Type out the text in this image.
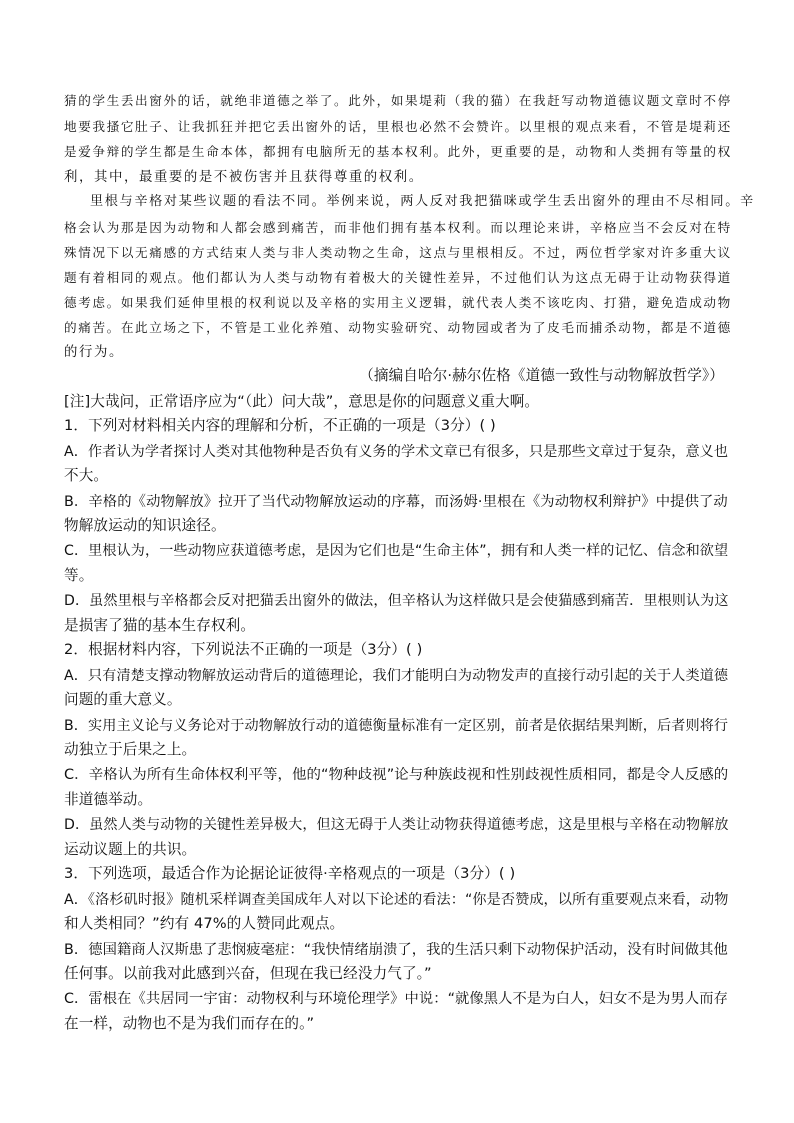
猜的学生丢出窗外的话，就绝非道德之举了。此外，如果堤莉（我的猫）在我赶写动物道德议题文章时不停
地要我搔它肚子、让我抓狂并把它丢出窗外的话，里根也必然不会赞许。以里根的观点来看，不管是堤莉还
是爱争辩的学生都是生命本体，都拥有电脑所无的基本权利。此外，更重要的是，动物和人类拥有等量的权
利，其中，最重要的是不被伤害并且获得尊重的权利。
里根与辛格对某些议题的看法不同。举例来说，两人反对我把猫咪或学生丢出窗外的理由不尽相同。辛
格会认为那是因为动物和人都会感到痛苦，而非他们拥有基本权利。而以理论来讲，辛格应当不会反对在特
殊情况下以无痛感的方式结束人类与非人类动物之生命，这点与里根相反。不过，两位哲学家对许多重大议
题有着相同的观点。他们都认为人类与动物有着极大的关键性差异，不过他们认为这点无碍于让动物获得道
德考虑。如果我们延伸里根的权利说以及辛格的实用主义逻辑，就代表人类不该吃肉、打猎，避免造成动物
的痛苦。在此立场之下，不管是工业化养殖、动物实验研究、动物园或者为了皮毛而捕杀动物，都是不道德
的行为。
（摘编自哈尔·赫尔佐格《道德一致性与动物解放哲学》）
[注]大哉问，正常语序应为“（此）问大哉”，意思是你的问题意义重大啊。
1．下列对材料相关内容的理解和分析，不正确的一项是（3分）( )
A．作者认为学者探讨人类对其他物种是否负有义务的学术文章已有很多，只是那些文章过于复杂，意义也
不大。
B．辛格的《动物解放》拉开了当代动物解放运动的序幕，而汤姆·里根在《为动物权利辩护》中提供了动
物解放运动的知识途径。
C．里根认为，一些动物应获道德考虑，是因为它们也是“生命主体”，拥有和人类一样的记忆、信念和欲望
等。
D．虽然里根与辛格都会反对把猫丢出窗外的做法，但辛格认为这样做只是会使猫感到痛苦．里根则认为这
是损害了猫的基本生存权利。
2．根据材料内容，下列说法不正确的一项是（3分）( )
A．只有清楚支撑动物解放运动背后的道德理论，我们才能明白为动物发声的直接行动引起的关于人类道德
问题的重大意义。
B．实用主义论与义务论对于动物解放行动的道德衡量标准有一定区别，前者是依据结果判断，后者则将行
动独立于后果之上。
C．辛格认为所有生命体权利平等，他的“物种歧视”论与种族歧视和性别歧视性质相同，都是令人反感的
非道德举动。
D．虽然人类与动物的关键性差异极大，但这无碍于人类让动物获得道德考虑，这是里根与辛格在动物解放
运动议题上的共识。
3．下列选项，最适合作为论据论证彼得·辛格观点的一项是（3分）( )
A．《洛杉矶时报》随机采样调查美国成年人对以下论述的看法：“你是否赞成，以所有重要观点来看，动物
和人类相同？”约有 47%的人赞同此观点。
B．德国籍商人汉斯患了悲悯疲毫症：“我快情绪崩溃了，我的生活只剩下动物保护活动，没有时间做其他
任何事。以前我对此感到兴奋，但现在我已经没力气了。”
C．雷根在《共居同一宇宙：动物权利与环境伦理学》中说：“就像黑人不是为白人，妇女不是为男人而存
在一样，动物也不是为我们而存在的。”
